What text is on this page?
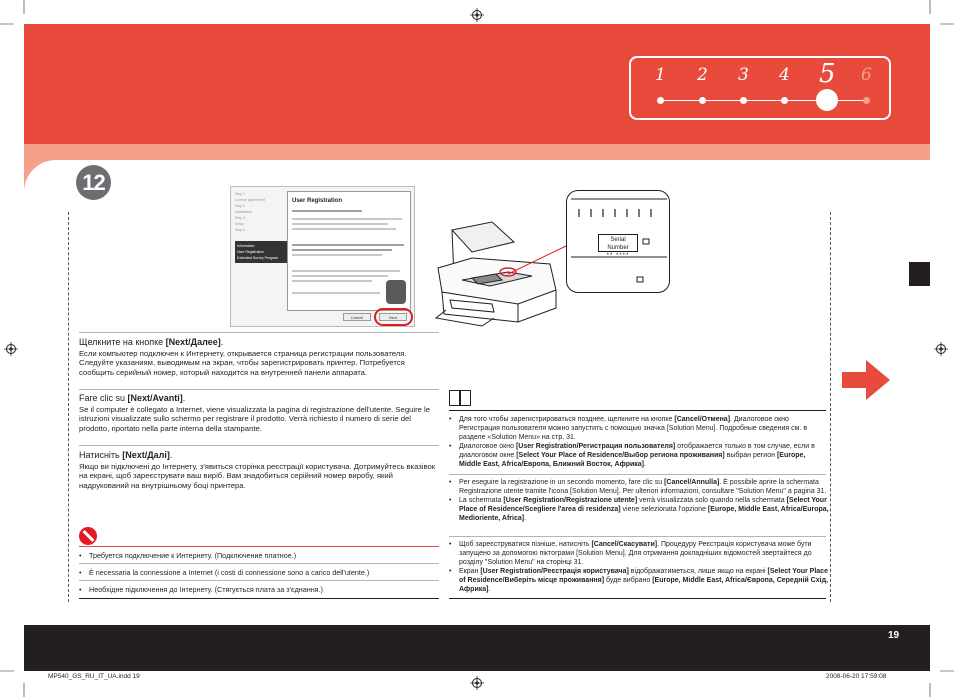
19
1 2 3 4 5 6
12	Step 1
License Agreement
Step 2
Installation
Step 3
Setup
Step 4
Information
User Registration
Extended Survey Program
User Registration
Cancel	Next
Serial Number
** ****
Щелкните на кнопке [Next/Далее].
Если компьютер подключен к Интернету, открывается страница регистрации пользователя. Следуйте указаниям, выводимым на экран, чтобы зарегистрировать принтер. Потребуется сообщить серийный номер, который находится на внутренней панели аппарата.
Fare clic su [Next/Avanti].
Se il computer è collegato a Internet, viene visualizzata la pagina di registrazione dell'utente. Seguire le istruzioni visualizzate sullo schermo per registrare il prodotto. Verrà richiesto il numero di serie del prodotto, riportato nella parte interna della stampante.
Натисніть [Next/Далі].
Якщо ви підключені до Інтернету, з'явиться сторінка реєстрації користувача. Дотримуйтесь вказівок на екрані, щоб зареєструвати ваш виріб. Вам знадобиться серійний номер виробу, який надрукований на внутрішньому боці принтера.
• Требуется подключение к Интернету. (Подключение платное.)
• È necessaria la connessione a Internet (i costi di connessione sono a carico dell'utente.)
• Необхідне підключення до Інтернету. (Стягується плата за з'єднання.)
• Для того чтобы зарегистрироваться позднее, щелкните на кнопке [Cancel/Отмена]. Диалоговое окно Регистрация пользователя можно запустить с помощью значка [Solution Menu]. Подробные сведения см. в разделе «Solution Menu» на стр. 31.
• Диалоговое окно [User Registration/Регистрация пользователя] отображается только в том случае, если в диалоговом окне [Select Your Place of Residence/Выбор региона проживания] выбран регион [Europe, Middle East, Africa/Европа, Ближний Восток, Африка].
• Per eseguire la registrazione in un secondo momento, fare clic su [Cancel/Annulla]. È possibile aprire la schermata Registrazione utente tramite l'icona [Solution Menu]. Per ulteriori informazioni, consultare "Solution Menu" a pagina 31.
• La schermata [User Registration/Registrazione utente] verrà visualizzata solo quando nella schermata [Select Your Place of Residence/Scegliere l'area di residenza] viene selezionata l'opzione [Europe, Middle East, Africa/Europa, Medioriente, Africa].
• Щоб зареєструватися пізніше, натисніть [Cancel/Скасувати]. Процедуру Реєстрація користувача може бути запущено за допомогою піктограми [Solution Menu]. Для отримання докладніших відомостей звертайтеся до розділу "Solution Menu" на сторінці 31.
• Екран [User Registration/Реєстрація користувача] відображатиметься, лише якщо на екрані [Select Your Place of Residence/Виберіть місце проживання] буде вибрано [Europe, Middle East, Africa/Європа, Середній Схід, Африка].
MP540_GS_RU_IT_UA.indd 19	2008-06-20 17:59:08
